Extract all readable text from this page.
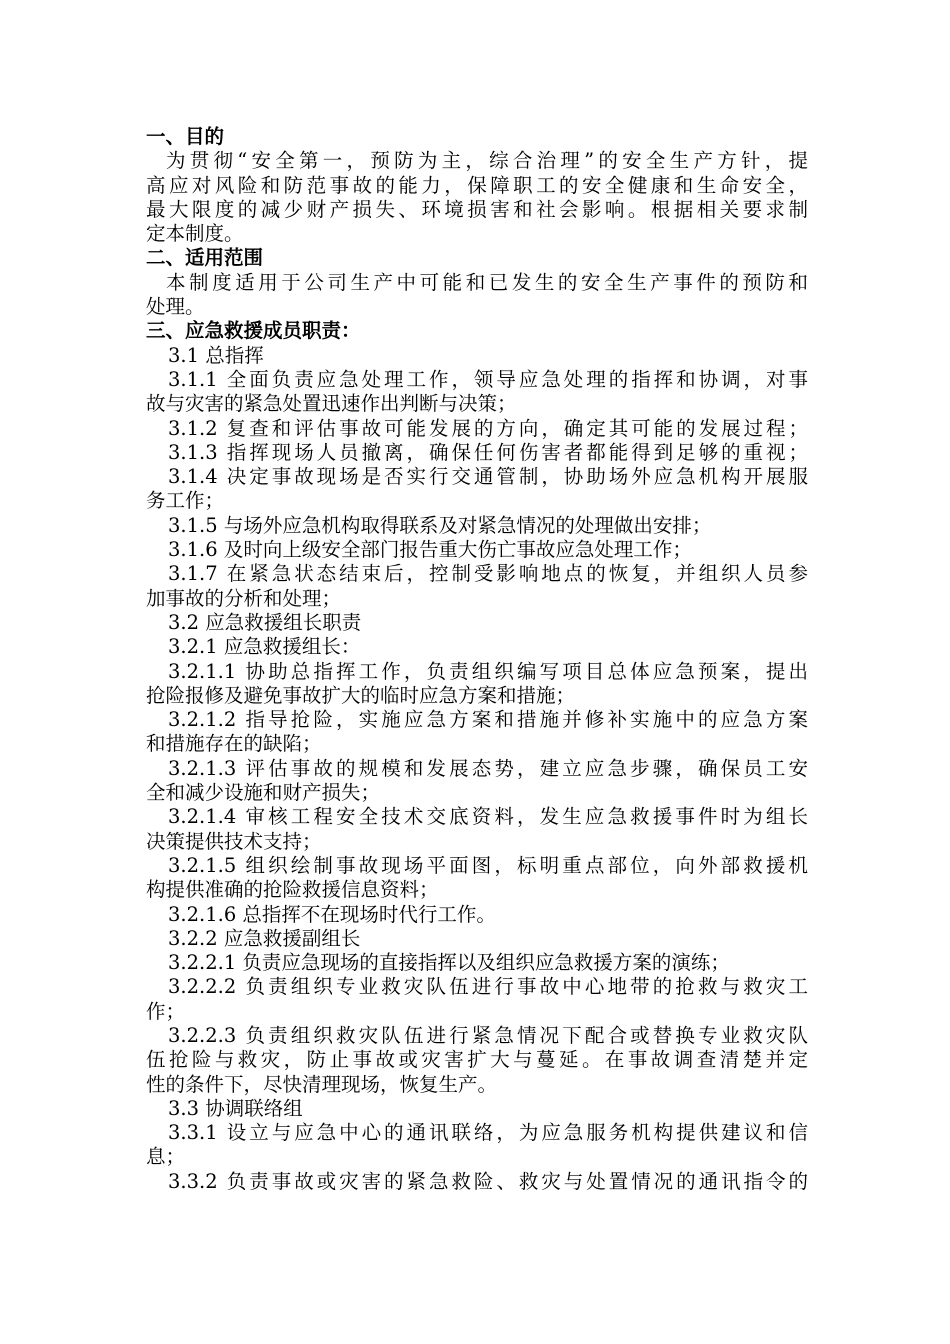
一、目的
为贯彻“安全第一，预防为主，综合治理”的安全生产方针，提
高应对风险和防范事故的能力，保障职工的安全健康和生命安全，
最大限度的减少财产损失、环境损害和社会影响。根据相关要求制
定本制度。
二、适用范围
本制度适用于公司生产中可能和已发生的安全生产事件的预防和
处理。
三、应急救援成员职责：
3.1 总指挥
3.1.1 全面负责应急处理工作，领导应急处理的指挥和协调，对事
故与灾害的紧急处置迅速作出判断与决策；
3.1.2 复查和评估事故可能发展的方向，确定其可能的发展过程；
3.1.3 指挥现场人员撤离，确保任何伤害者都能得到足够的重视；
3.1.4 决定事故现场是否实行交通管制，协助场外应急机构开展服
务工作；
3.1.5 与场外应急机构取得联系及对紧急情况的处理做出安排；
3.1.6 及时向上级安全部门报告重大伤亡事故应急处理工作；
3.1.7 在紧急状态结束后，控制受影响地点的恢复，并组织人员参
加事故的分析和处理；
3.2 应急救援组长职责
3.2.1 应急救援组长：
3.2.1.1 协助总指挥工作，负责组织编写项目总体应急预案，提出
抢险报修及避免事故扩大的临时应急方案和措施；
3.2.1.2 指导抢险，实施应急方案和措施并修补实施中的应急方案
和措施存在的缺陷；
3.2.1.3 评估事故的规模和发展态势，建立应急步骤，确保员工安
全和减少设施和财产损失；
3.2.1.4 审核工程安全技术交底资料，发生应急救援事件时为组长
决策提供技术支持；
3.2.1.5 组织绘制事故现场平面图，标明重点部位，向外部救援机
构提供准确的抢险救援信息资料；
3.2.1.6 总指挥不在现场时代行工作。
3.2.2 应急救援副组长
3.2.2.1 负责应急现场的直接指挥以及组织应急救援方案的演练；
3.2.2.2 负责组织专业救灾队伍进行事故中心地带的抢救与救灾工
作；
3.2.2.3 负责组织救灾队伍进行紧急情况下配合或替换专业救灾队
伍抢险与救灾，防止事故或灾害扩大与蔓延。在事故调查清楚并定
性的条件下，尽快清理现场，恢复生产。
3.3 协调联络组
3.3.1 设立与应急中心的通讯联络，为应急服务机构提供建议和信
息；
3.3.2 负责事故或灾害的紧急救险、救灾与处置情况的通讯指令的
